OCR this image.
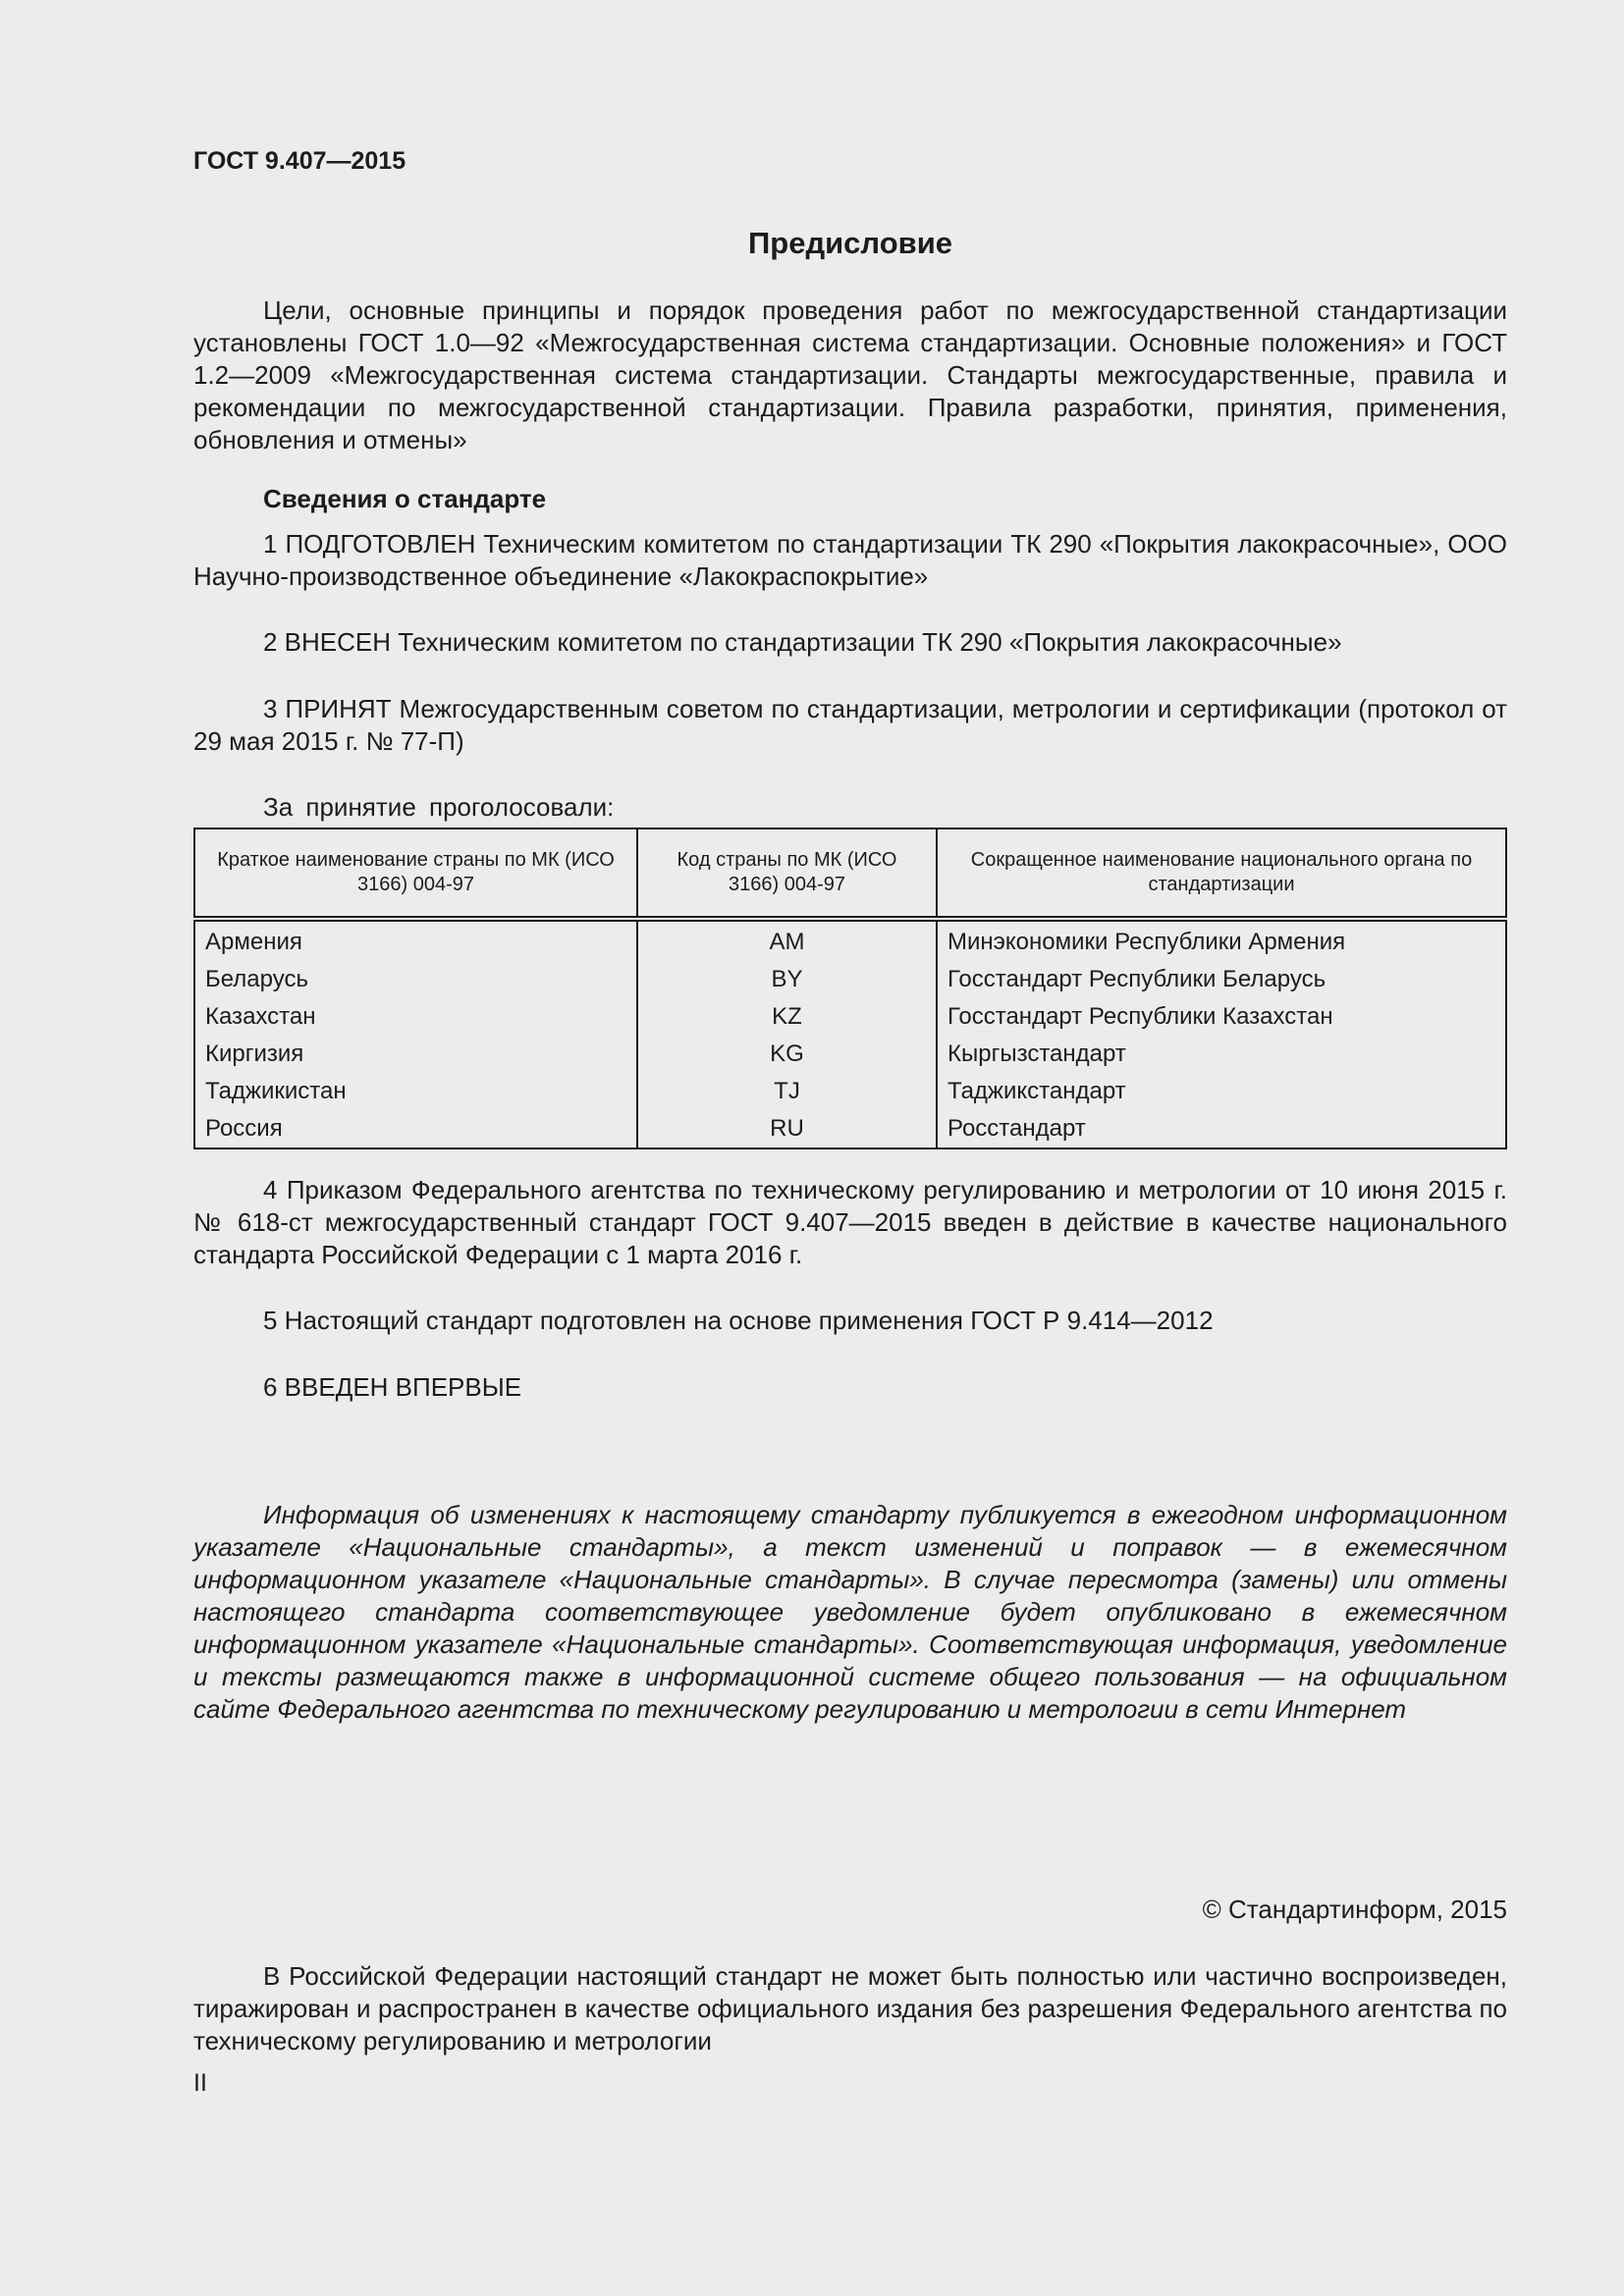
ГОСТ 9.407—2015
Предисловие

Цели, основные принципы и порядок проведения работ по межгосударственной стандартизации установлены ГОСТ 1.0—92 «Межгосударственная система стандартизации. Основные положения» и ГОСТ 1.2—2009 «Межгосударственная система стандартизации. Стандарты межгосударственные, правила и рекомендации по межгосударственной стандартизации. Правила разработки, принятия, применения, обновления и отмены»

Сведения о стандарте

1 ПОДГОТОВЛЕН Техническим комитетом по стандартизации ТК 290 «Покрытия лакокрасочные», ООО Научно-производственное объединение «Лакокраспокрытие»

2 ВНЕСЕН Техническим комитетом по стандартизации ТК 290 «Покрытия лакокрасочные»

3 ПРИНЯТ Межгосударственным советом по стандартизации, метрологии и сертификации (протокол от 29 мая 2015 г. № 77-П)

За принятие проголосовали:
Краткое наименование страны по МК (ИСО 3166) 004-97	Код страны по МК (ИСО 3166) 004-97	Сокращенное наименование национального органа по стандартизации
Армения	AM	Минэкономики Республики Армения
Беларусь	BY	Госстандарт Республики Беларусь
Казахстан	KZ	Госстандарт Республики Казахстан
Киргизия	KG	Кыргызстандарт
Таджикистан	TJ	Таджикстандарт
Россия	RU	Росстандарт

4 Приказом Федерального агентства по техническому регулированию и метрологии от 10 июня 2015 г. № 618-ст межгосударственный стандарт ГОСТ 9.407—2015 введен в действие в качестве национального стандарта Российской Федерации с 1 марта 2016 г.

5 Настоящий стандарт подготовлен на основе применения ГОСТ Р 9.414—2012

6 ВВЕДЕН ВПЕРВЫЕ

Информация об изменениях к настоящему стандарту публикуется в ежегодном информационном указателе «Национальные стандарты», а текст изменений и поправок — в ежемесячном информационном указателе «Национальные стандарты». В случае пересмотра (замены) или отмены настоящего стандарта соответствующее уведомление будет опубликовано в ежемесячном информационном указателе «Национальные стандарты». Соответствующая информация, уведомление и тексты размещаются также в информационной системе общего пользования — на официальном сайте Федерального агентства по техническому регулированию и метрологии в сети Интернет

© Стандартинформ, 2015

В Российской Федерации настоящий стандарт не может быть полностью или частично воспроизведен, тиражирован и распространен в качестве официального издания без разрешения Федерального агентства по техническому регулированию и метрологии

II
